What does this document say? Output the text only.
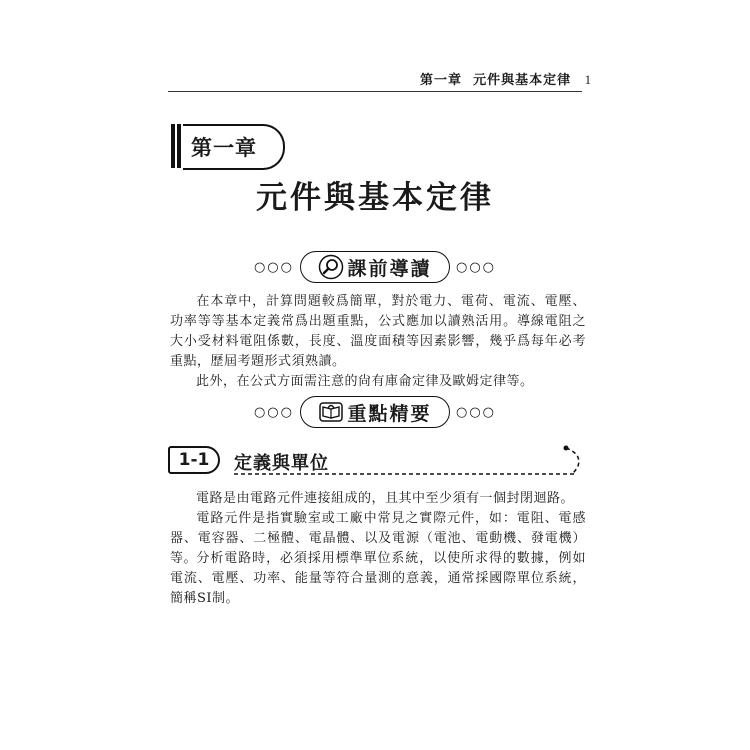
第一章 元件與基本定律 1
第一章
元件與基本定律
○○○	課前導讀 ○○○

在本章中，計算問題較爲簡單，對於電力、電荷、電流、電壓、功率等等基本定義常爲出題重點，公式應加以讀熟活用。導線電阻之大小受材料電阻係數，長度、溫度面積等因素影響，幾乎爲每年必考重點，歷屆考題形式須熟讀。

此外，在公式方面需注意的尙有庫侖定律及歐姆定律等。

○○○	重點精要 ○○○
1-1	定義與單位

電路是由電路元件連接組成的，且其中至少須有一個封閉迴路。

電路元件是指實驗室或工廠中常見之實際元件，如：電阻、電感器、電容器、二極體、電晶體、以及電源（電池、電動機、發電機）等。

分析電路時，必須採用標準單位系統，以使所求得的數據，例如電流、電壓、功率、能量等符合量測的意義，通常採國際單位系統，簡稱SI制。
